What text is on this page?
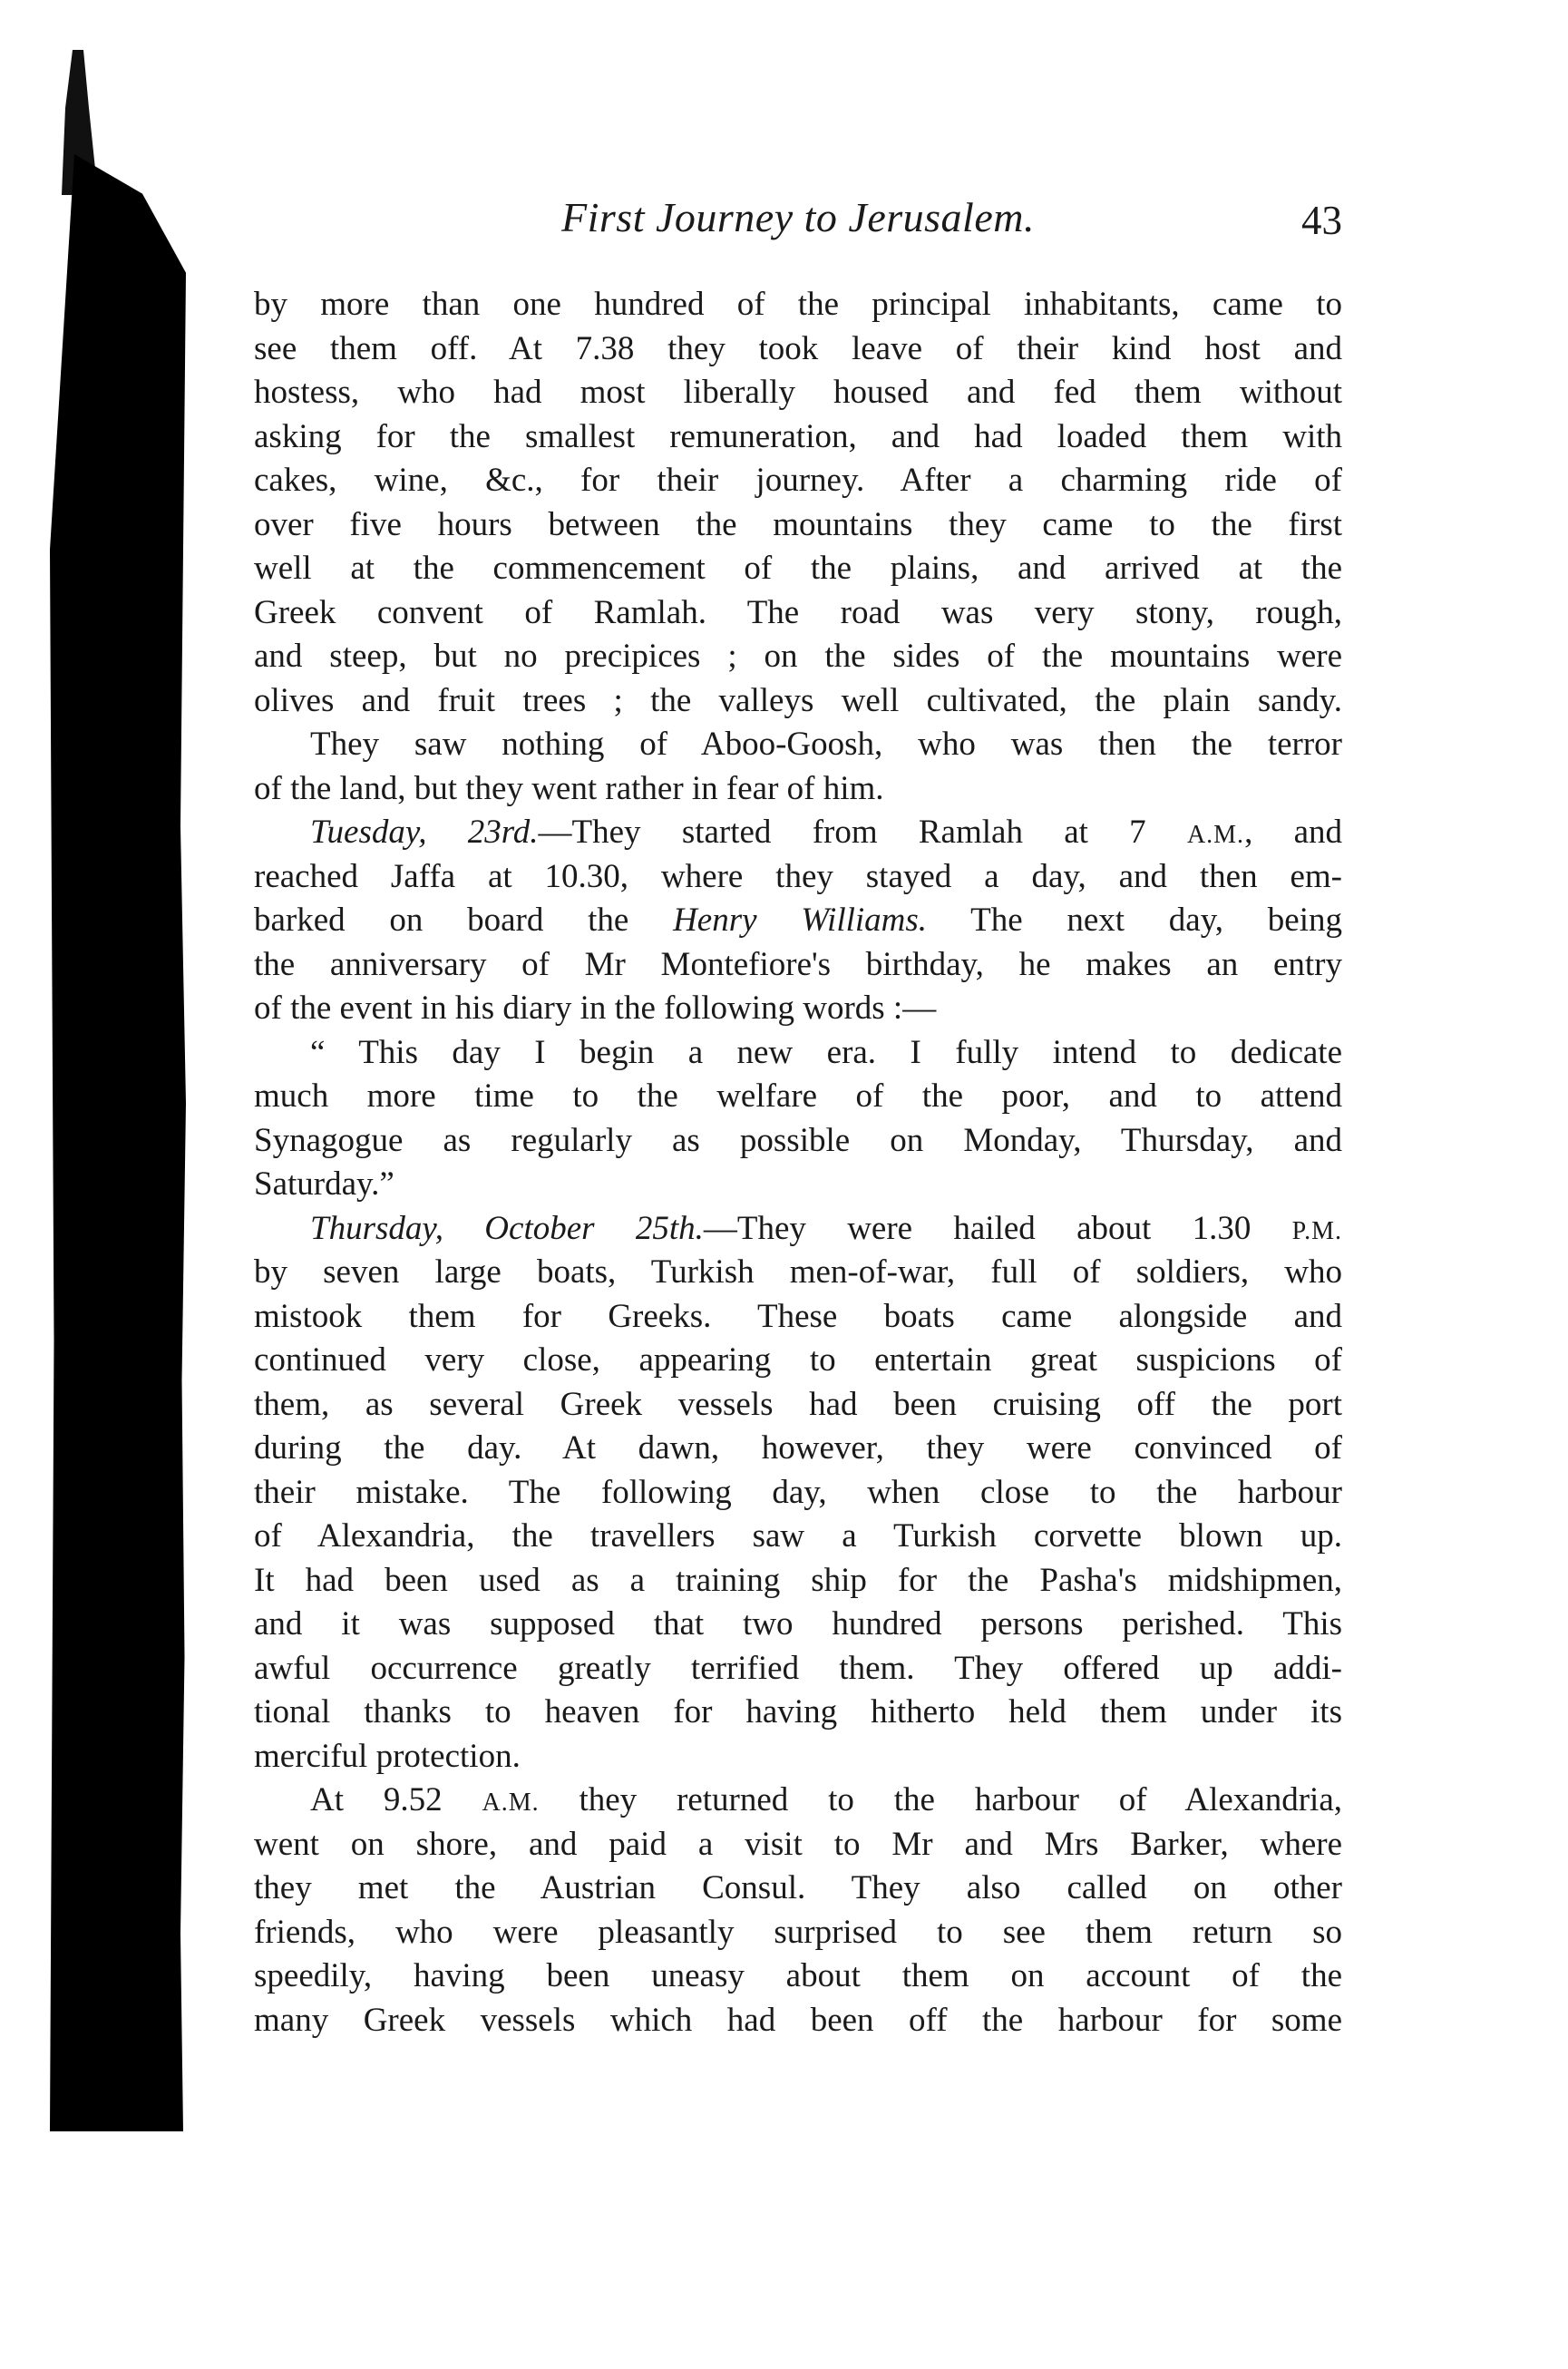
First Journey to Jerusalem.	43
by more than one hundred of the principal inhabitants, came to
see them off. At 7.38 they took leave of their kind host and
hostess, who had most liberally housed and fed them without
asking for the smallest remuneration, and had loaded them with
cakes, wine, &c., for their journey. After a charming ride of
over five hours between the mountains they came to the first
well at the commencement of the plains, and arrived at the
Greek convent of Ramlah. The road was very stony, rough,
and steep, but no precipices ; on the sides of the mountains were
olives and fruit trees ; the valleys well cultivated, the plain sandy.
They saw nothing of Aboo-Goosh, who was then the terror
of the land, but they went rather in fear of him.
Tuesday, 23rd.—They started from Ramlah at 7 A.M., and
reached Jaffa at 10.30, where they stayed a day, and then em-
barked on board the Henry Williams. The next day, being
the anniversary of Mr Montefiore's birthday, he makes an entry
of the event in his diary in the following words :—
“ This day I begin a new era. I fully intend to dedicate
much more time to the welfare of the poor, and to attend
Synagogue as regularly as possible on Monday, Thursday, and
Saturday.”
Thursday, October 25th.—They were hailed about 1.30 P.M.
by seven large boats, Turkish men-of-war, full of soldiers, who
mistook them for Greeks. These boats came alongside and
continued very close, appearing to entertain great suspicions of
them, as several Greek vessels had been cruising off the port
during the day. At dawn, however, they were convinced of
their mistake. The following day, when close to the harbour
of Alexandria, the travellers saw a Turkish corvette blown up.
It had been used as a training ship for the Pasha's midshipmen,
and it was supposed that two hundred persons perished. This
awful occurrence greatly terrified them. They offered up addi-
tional thanks to heaven for having hitherto held them under its
merciful protection.
At 9.52 A.M. they returned to the harbour of Alexandria,
went on shore, and paid a visit to Mr and Mrs Barker, where
they met the Austrian Consul. They also called on other
friends, who were pleasantly surprised to see them return so
speedily, having been uneasy about them on account of the
many Greek vessels which had been off the harbour for some
